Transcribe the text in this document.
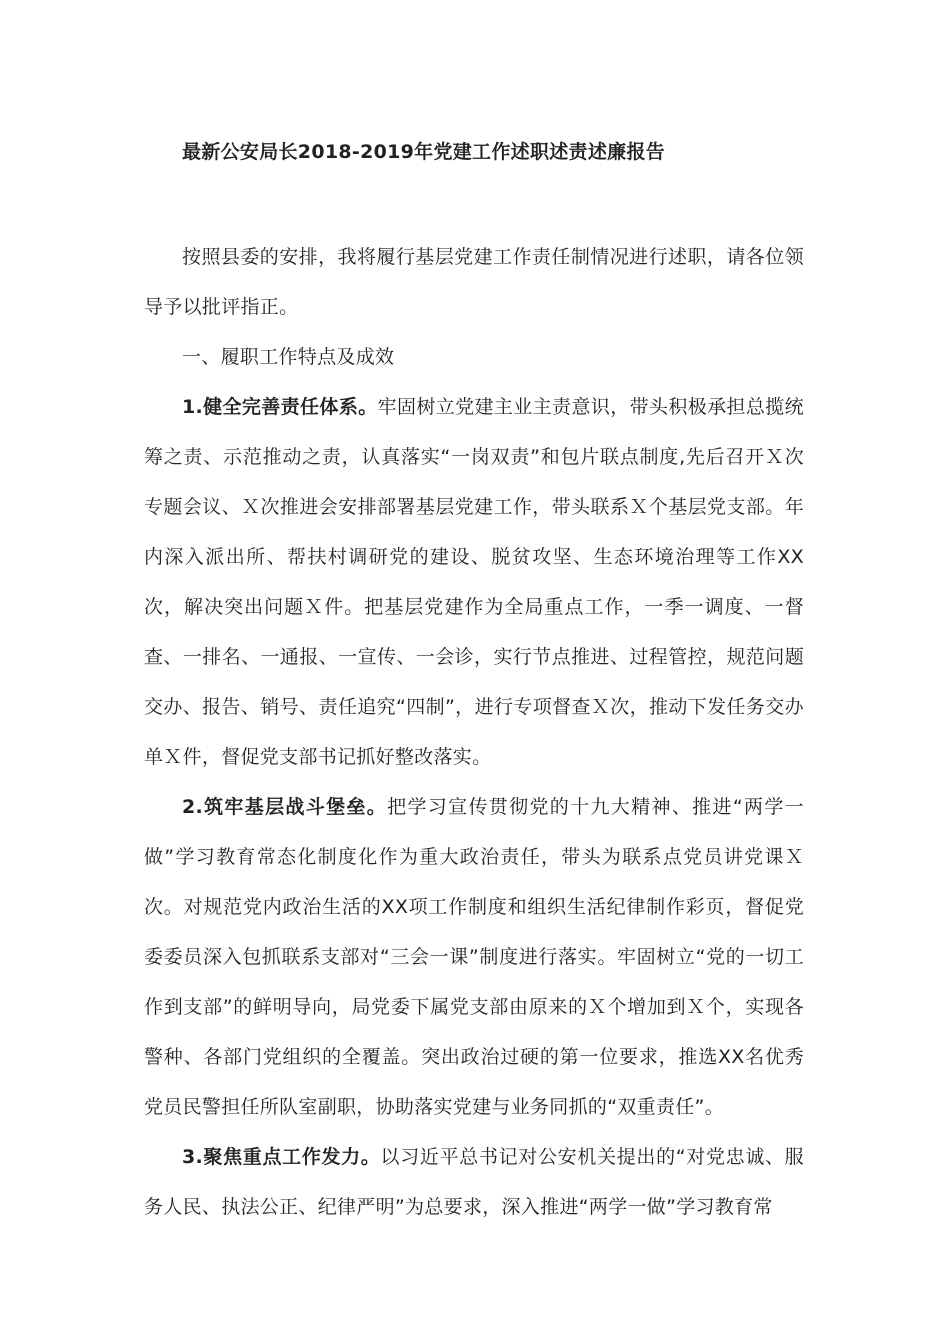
最新公安局长2018-2019年党建工作述职述责述廉报告

按照县委的安排，我将履行基层党建工作责任制情况进行述职，请各位领导予以批评指正。

一、履职工作特点及成效

1.健全完善责任体系。牢固树立党建主业主责意识，带头积极承担总揽统筹之责、示范推动之责，认真落实“一岗双责”和包片联点制度,先后召开Ｘ次专题会议、Ｘ次推进会安排部署基层党建工作，带头联系Ｘ个基层党支部。年内深入派出所、帮扶村调研党的建设、脱贫攻坚、生态环境治理等工作XX次，解决突出问题Ｘ件。把基层党建作为全局重点工作，一季一调度、一督查、一排名、一通报、一宣传、一会诊，实行节点推进、过程管控，规范问题交办、报告、销号、责任追究“四制”，进行专项督查Ｘ次，推动下发任务交办单Ｘ件，督促党支部书记抓好整改落实。

2.筑牢基层战斗堡垒。把学习宣传贯彻党的十九大精神、推进“两学一做”学习教育常态化制度化作为重大政治责任，带头为联系点党员讲党课Ｘ次。对规范党内政治生活的XX项工作制度和组织生活纪律制作彩页，督促党委委员深入包抓联系支部对“三会一课”制度进行落实。牢固树立“党的一切工作到支部”的鲜明导向，局党委下属党支部由原来的Ｘ个增加到Ｘ个，实现各警种、各部门党组织的全覆盖。突出政治过硬的第一位要求，推选XX名优秀党员民警担任所队室副职，协助落实党建与业务同抓的“双重责任”。

3.聚焦重点工作发力。以习近平总书记对公安机关提出的“对党忠诚、服务人民、执法公正、纪律严明”为总要求，深入推进“两学一做”学习教育常
